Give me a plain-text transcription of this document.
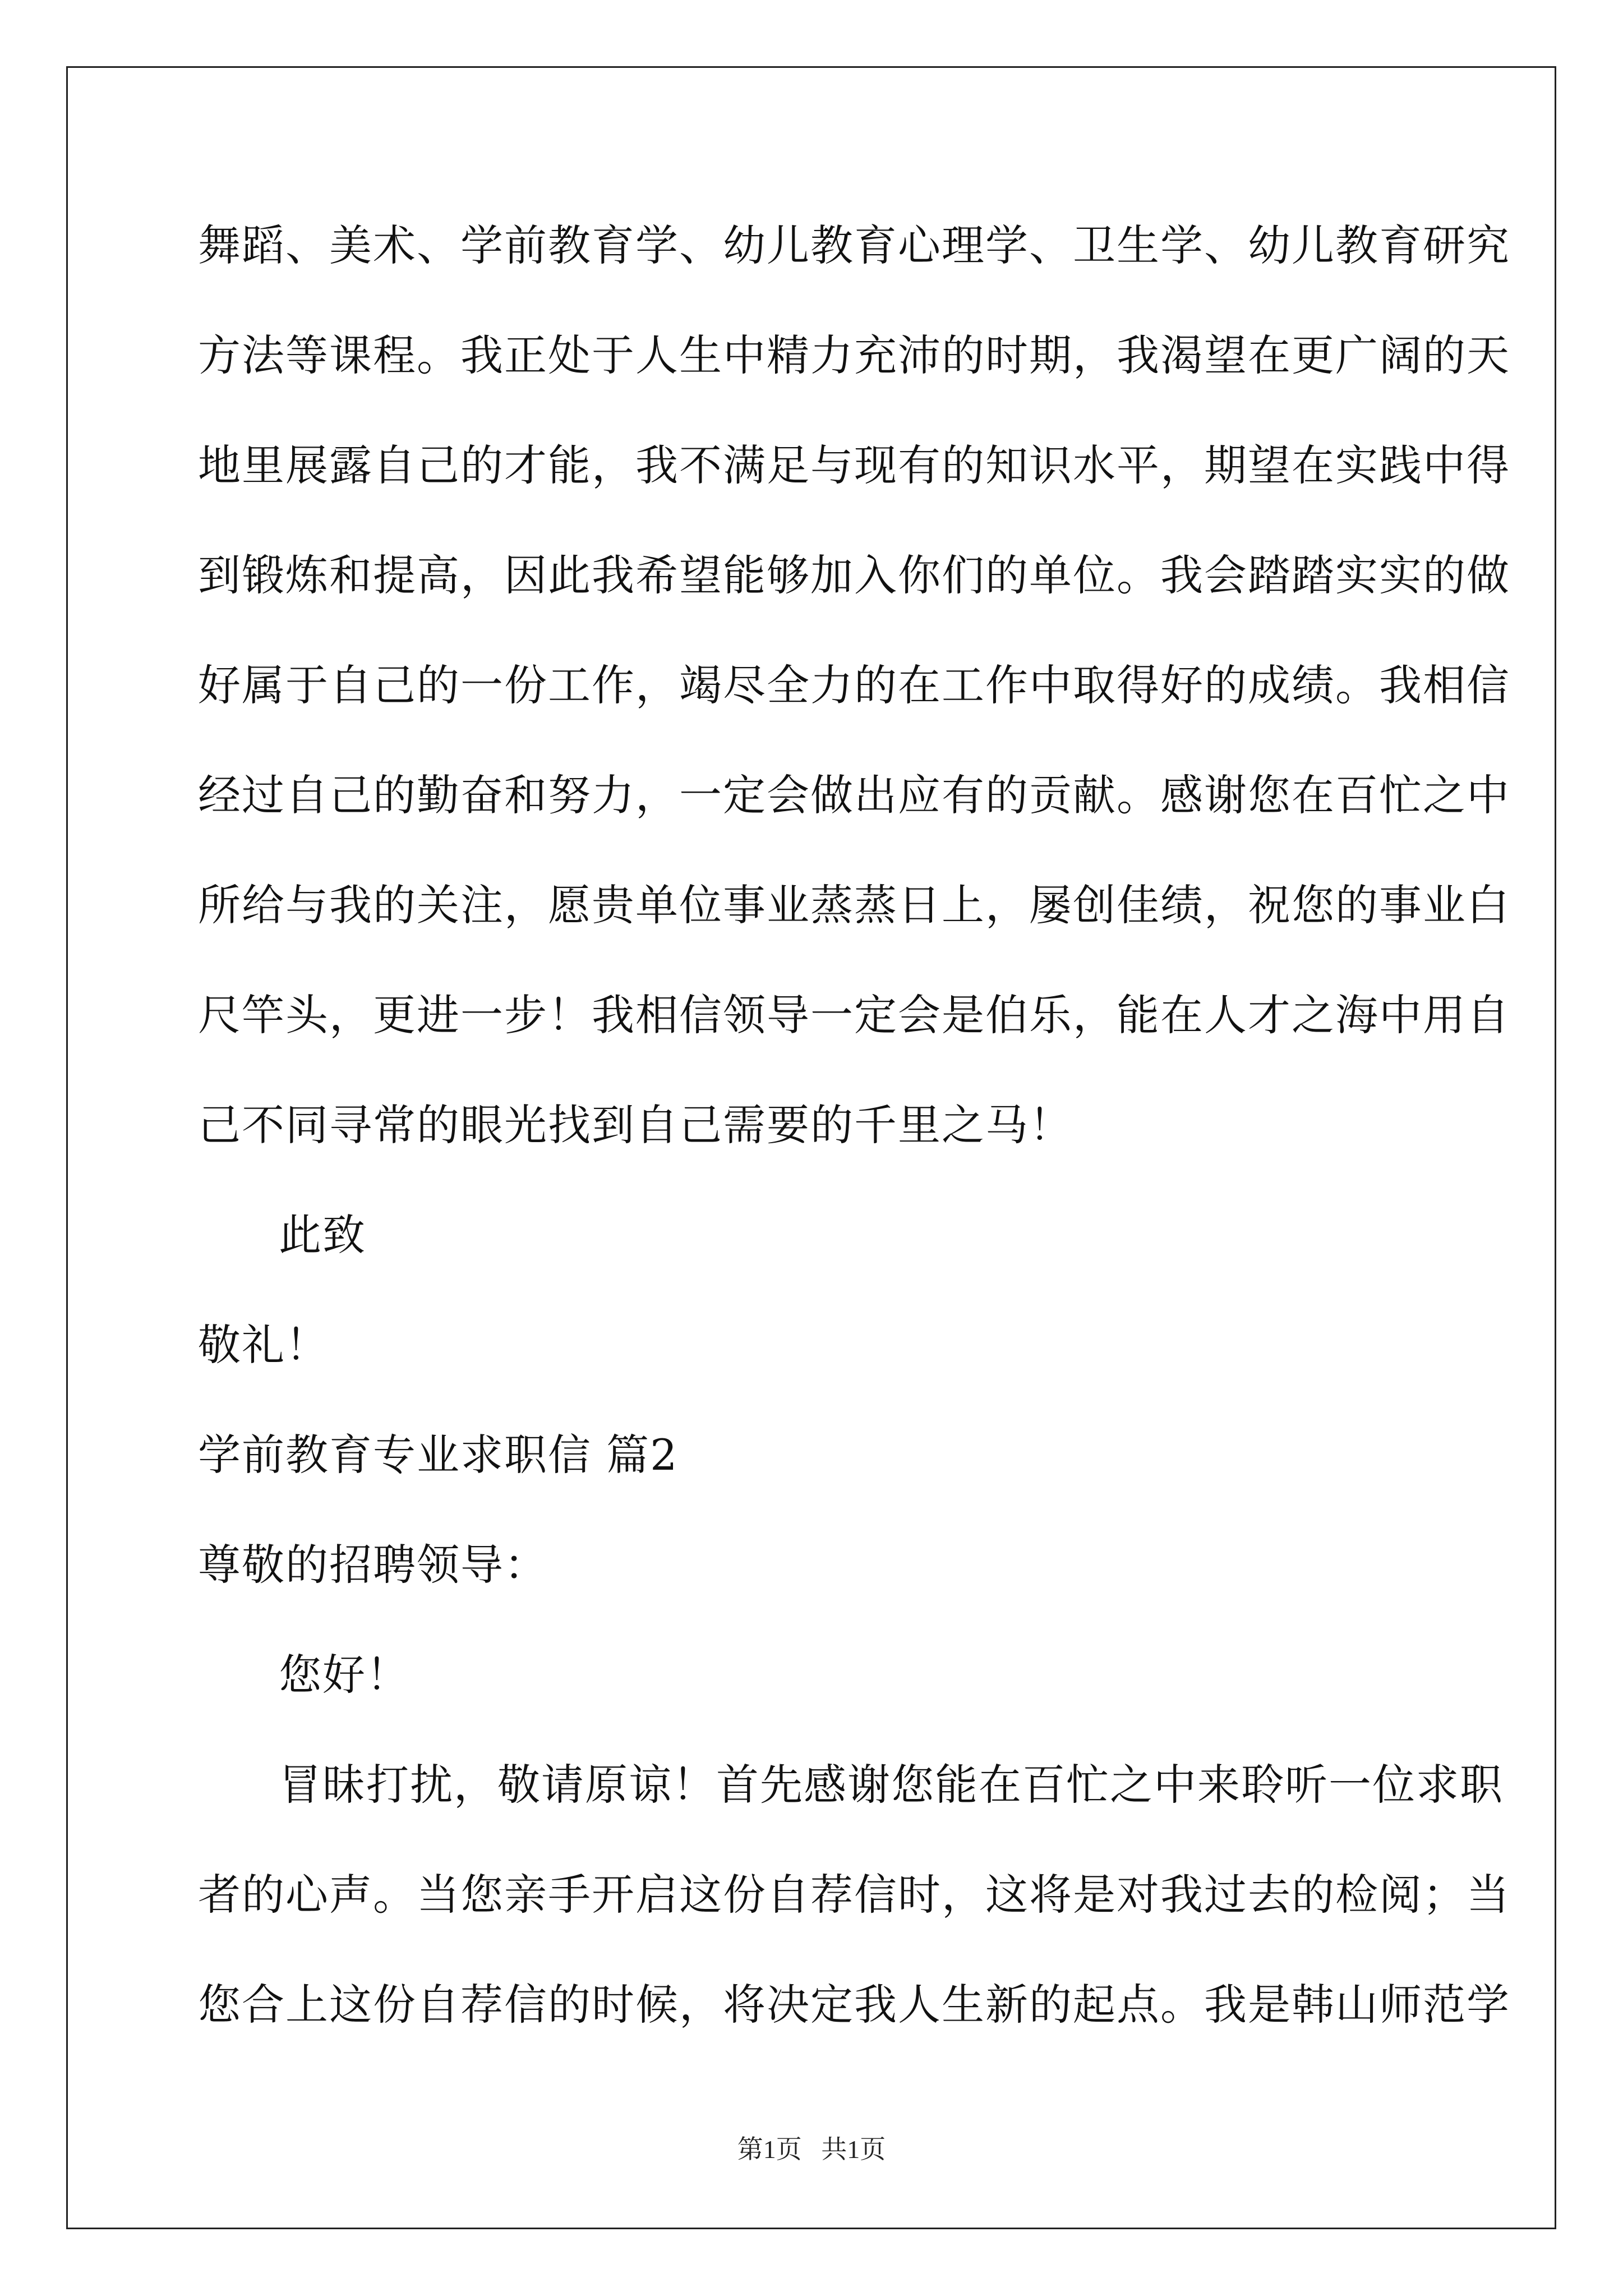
舞蹈、美术、学前教育学、幼儿教育心理学、卫生学、幼儿教育研究
方法等课程。我正处于人生中精力充沛的时期，我渴望在更广阔的天
地里展露自己的才能，我不满足与现有的知识水平，期望在实践中得
到锻炼和提高，因此我希望能够加入你们的单位。我会踏踏实实的做
好属于自己的一份工作，竭尽全力的在工作中取得好的成绩。我相信
经过自己的勤奋和努力，一定会做出应有的贡献。感谢您在百忙之中
所给与我的关注，愿贵单位事业蒸蒸日上，屡创佳绩，祝您的事业白
尺竿头，更进一步！我相信领导一定会是伯乐，能在人才之海中用自
己不同寻常的眼光找到自己需要的千里之马！
此致
敬礼！
学前教育专业求职信 篇2
尊敬的招聘领导：
您好！
冒昧打扰，敬请原谅！首先感谢您能在百忙之中来聆听一位求职
者的心声。当您亲手开启这份自荐信时，这将是对我过去的检阅；当
您合上这份自荐信的时候，将决定我人生新的起点。我是韩山师范学
第1页   共1页
